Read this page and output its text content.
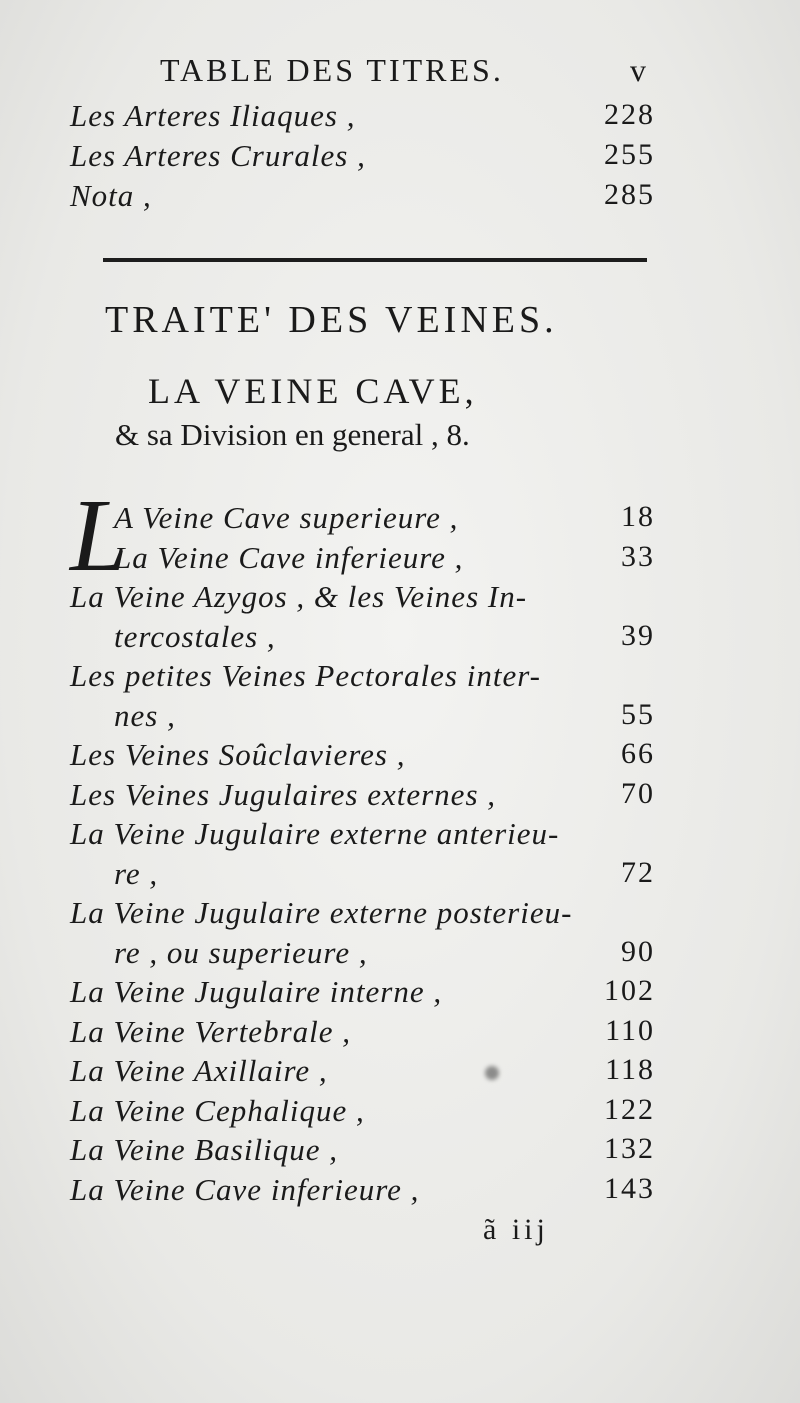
TABLE DES TITRES.	v
Les Arteres Iliaques ,	228
Les Arteres Crurales ,	255
Nota ,	285
TRAITE' DES VEINES.
LA VEINE CAVE,
& sa Division en general , 8.
L
A Veine Cave superieure ,	18
La Veine Cave inferieure ,	33
La Veine Azygos , & les Veines In-
tercostales ,	39
Les petites Veines Pectorales inter-
nes ,	55
Les Veines Soûclavieres ,	66
Les Veines Jugulaires externes ,	70
La Veine Jugulaire externe anterieu-
re ,	72
La Veine Jugulaire externe posterieu-
re , ou superieure ,	90
La Veine Jugulaire interne ,	102
La Veine Vertebrale ,	110
La Veine Axillaire ,	118
La Veine Cephalique ,	122
La Veine Basilique ,	132
La Veine Cave inferieure ,	143
ã iij
